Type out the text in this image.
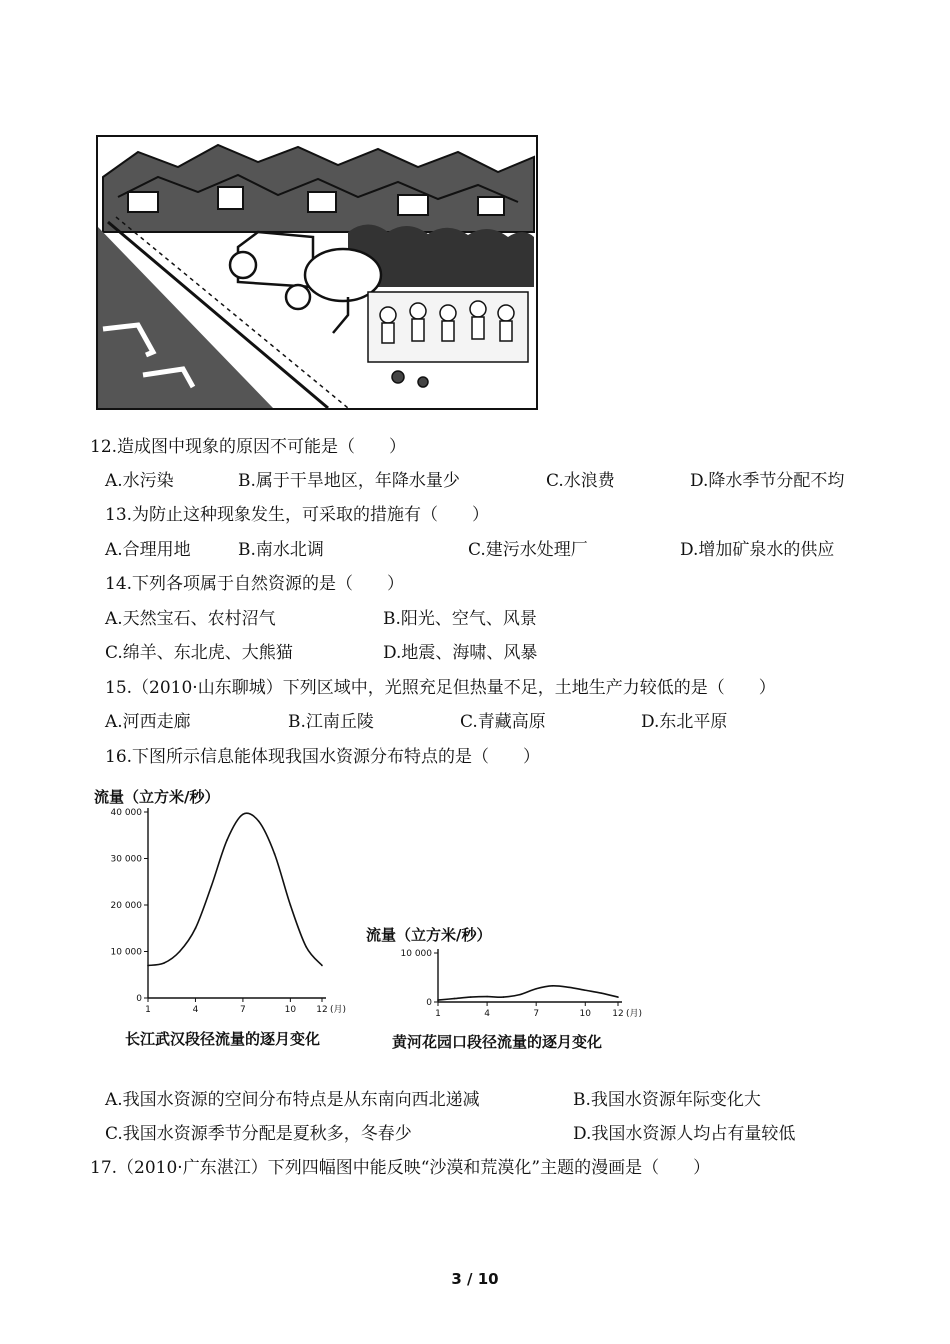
12.造成图中现象的原因不可能是（　　）
A.水污染	B.属于干旱地区，年降水量少	C.水浪费	D.降水季节分配不均
13.为防止这种现象发生，可采取的措施有（　　）
A.合理用地	B.南水北调	C.建污水处理厂	D.增加矿泉水的供应
14.下列各项属于自然资源的是（　　）
A.天然宝石、农村沼气	B.阳光、空气、风景
C.绵羊、东北虎、大熊猫	D.地震、海啸、风暴
15.（2010·山东聊城）下列区域中，光照充足但热量不足，土地生产力较低的是（　　）
A.河西走廊	B.江南丘陵	C.青藏高原	D.东北平原
16.下图所示信息能体现我国水资源分布特点的是（　　）
流量（立方米/秒）
0
10 000
20 000
30 000
40 000
1	4	7	10 12 (月)
长江武汉段径流量的逐月变化
流量（立方米/秒）
0
10 000
1	4	7	10 12 (月)
黄河花园口段径流量的逐月变化
A.我国水资源的空间分布特点是从东南向西北递减	B.我国水资源年际变化大
C.我国水资源季节分配是夏秋多，冬春少	D.我国水资源人均占有量较低
17.（2010·广东湛江）下列四幅图中能反映“沙漠和荒漠化”主题的漫画是（　　）
3 / 10
